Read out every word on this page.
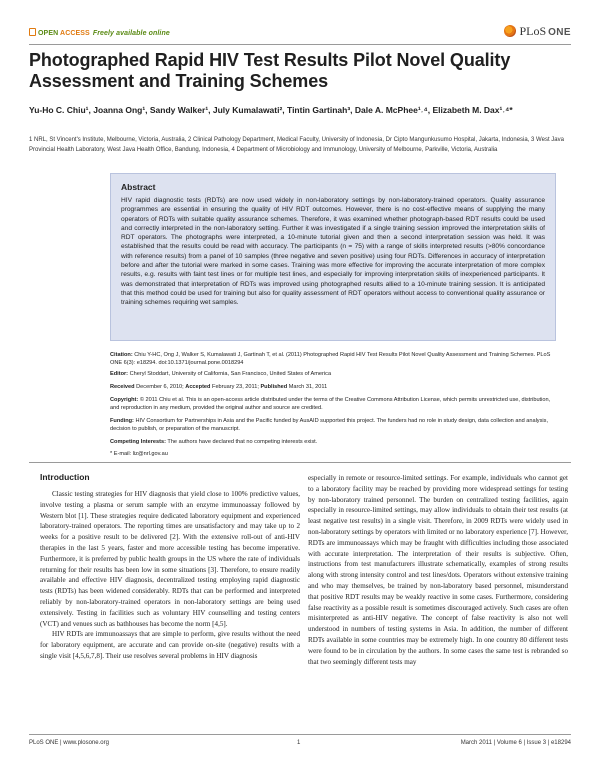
OPEN ACCESS Freely available online	PLoS ONE
Photographed Rapid HIV Test Results Pilot Novel Quality Assessment and Training Schemes
Yu-Ho C. Chiu¹, Joanna Ong¹, Sandy Walker¹, July Kumalawati², Tintin Gartinah³, Dale A. McPhee¹˒⁴, Elizabeth M. Dax¹˒⁴*
1 NRL, St Vincent's Institute, Melbourne, Victoria, Australia, 2 Clinical Pathology Department, Medical Faculty, University of Indonesia, Dr Cipto Mangunkusumo Hospital, Jakarta, Indonesia, 3 West Java Provincial Health Laboratory, West Java Health Office, Bandung, Indonesia, 4 Department of Microbiology and Immunology, University of Melbourne, Parkville, Victoria, Australia
Abstract
HIV rapid diagnostic tests (RDTs) are now used widely in non-laboratory settings by non-laboratory-trained operators. Quality assurance programmes are essential in ensuring the quality of HIV RDT outcomes. However, there is no cost-effective means of supplying the many operators of RDTs with suitable quality assurance schemes. Therefore, it was examined whether photograph-based RDT results could be used and correctly interpreted in the non-laboratory setting. Further it was investigated if a single training session improved the interpretation skills of RDT operators. The photographs were interpreted, a 10-minute tutorial given and then a second interpretation session was held. It was established that the results could be read with accuracy. The participants (n = 75) with a range of skills interpreted results (>80% concordance with reference results) from a panel of 10 samples (three negative and seven positive) using four RDTs. Differences in accuracy of interpretation before and after the tutorial were marked in some cases. Training was more effective for improving the accurate interpretation of more complex results, e.g. results with faint test lines or for multiple test lines, and especially for improving interpretation skills of inexperienced participants. It was demonstrated that interpretation of RDTs was improved using photographed results allied to a 10-minute training session. It is anticipated that this method could be used for training but also for quality assessment of RDT operators without access to conventional quality assurance or training schemes requiring wet samples.
Citation: Chiu Y-HC, Ong J, Walker S, Kumalawati J, Gartinah T, et al. (2011) Photographed Rapid HIV Test Results Pilot Novel Quality Assessment and Training Schemes. PLoS ONE 6(3): e18294. doi:10.1371/journal.pone.0018294
Editor: Cheryl Stoddart, University of California, San Francisco, United States of America
Received December 6, 2010; Accepted February 23, 2011; Published March 31, 2011
Copyright: © 2011 Chiu et al. This is an open-access article distributed under the terms of the Creative Commons Attribution License, which permits unrestricted use, distribution, and reproduction in any medium, provided the original author and source are credited.
Funding: HIV Consortium for Partnerships in Asia and the Pacific funded by AusAID supported this project. The funders had no role in study design, data collection and analysis, decision to publish, or preparation of the manuscript.
Competing Interests: The authors have declared that no competing interests exist.
* E-mail: liz@nrl.gov.au
Introduction

Classic testing strategies for HIV diagnosis that yield close to 100% predictive values, involve testing a plasma or serum sample with an enzyme immunoassay followed by Western blot [1]. These strategies require dedicated laboratory equipment and experienced laboratory-trained operators. The reporting times are unsatisfactory and may take up to 2 weeks for a positive result to be delivered [2]. With the extensive roll-out of anti-HIV therapies in the last 5 years, faster and more accessible testing has become imperative. Furthermore, it is preferred by public health groups in the US where the rate of individuals returning for their results has been low in some situations [3]. Therefore, to ensure readily available and effective HIV diagnosis, decentralized testing employing rapid diagnostic tests (RDTs) has been widened considerably. RDTs that can be performed and interpreted reliably by non-laboratory-trained operators in non-laboratory settings are being used extensively. Testing in facilities such as voluntary HIV counselling and testing centers (VCT) and venues such as bathhouses has become the norm [4,5].

HIV RDTs are immunoassays that are simple to perform, give results without the need for laboratory equipment, are accurate and can provide on-site (negative) results with a single visit [4,5,6,7,8]. Their use resolves several problems in HIV diagnosis

especially in remote or resource-limited settings. For example, individuals who cannot get to a laboratory facility may be reached by providing more widespread settings for testing by non-laboratory trained personnel. The burden on centralized testing facilities, again especially in resource-limited settings, may allow individuals to obtain their test results (at least negative test results) in a single visit. Therefore, in 2009 RDTs were widely used in non-laboratory settings by operators with limited or no laboratory experience [7]. However, RDTs are immunoassays which may be fraught with difficulties including those associated with accurate interpretation. The interpretation of their results is subjective. Often, instructions from test manufacturers illustrate schematically, examples of strong results along with strong intensity control and test lines/dots. Operators without extensive training and who may themselves, be trained by non-laboratory based personnel, misunderstand that positive RDT results may be weakly reactive in some cases. Furthermore, considering false reactivity as a possible result is sometimes discouraged actively. Such cases are often misinterpreted as anti-HIV negative. The concept of false reactivity is also not well understood in numbers of testing systems in Asia. In addition, the number of different RDTs available in some countries may be extremely high. In one country 80 different tests were found to be in circulation by the authors. In some cases the same test is rebranded so that two seemingly different tests may

PLoS ONE | www.plosone.org	1	March 2011 | Volume 6 | Issue 3 | e18294
